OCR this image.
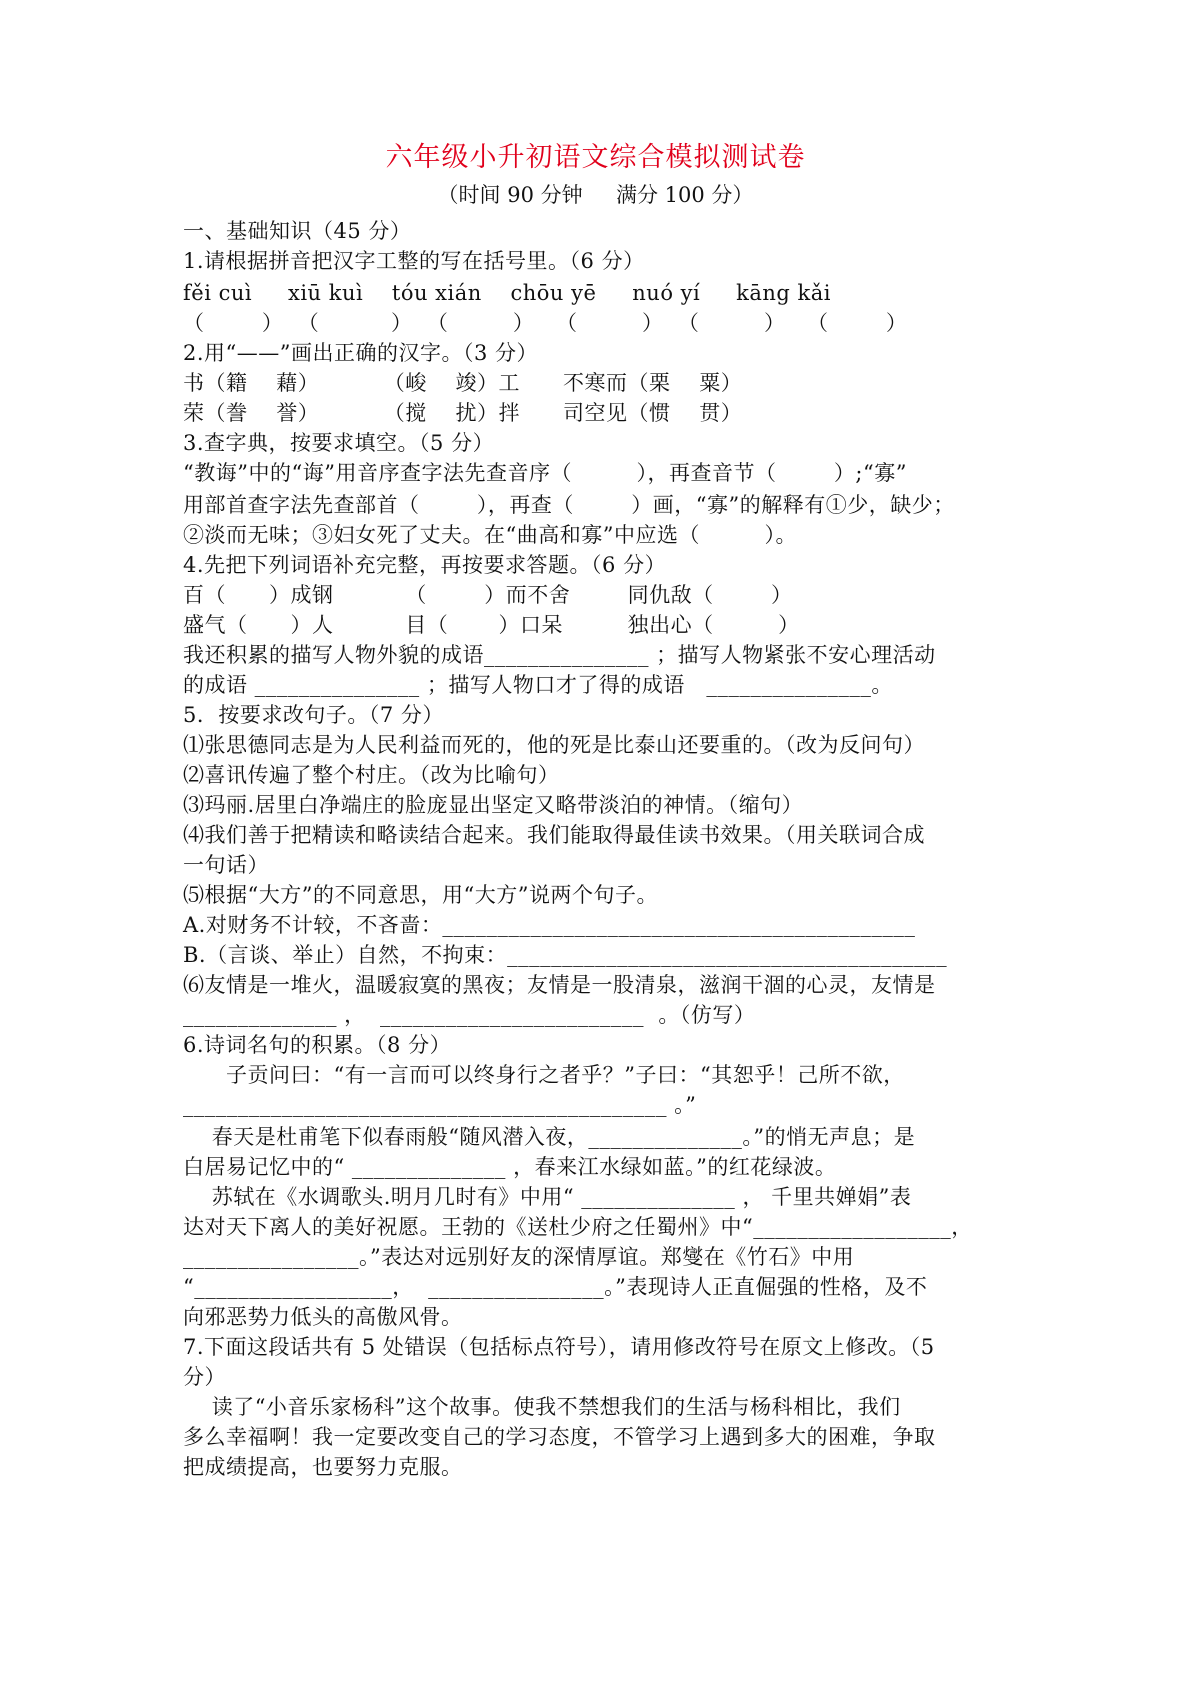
六年级小升初语文综合模拟测试卷
（时间 90 分钟     满分 100 分）
一、基础知识（45 分）
1.请根据拼音把汉字工整的写在括号里。（6 分）
fěi cuì     xiū kuì    tóu xián    chōu yē     nuó yí     kāng kǎi
（        ）  （          ）  （         ）   （         ）  （         ）   （        ）
2.用“——”画出正确的汉字。（3 分）
书（籍    藉）         （峻    竣）工      不寒而（栗    粟）
荣（誊    誉）         （搅    扰）拌      司空见（惯    贯）
3.查字典，按要求填空。（5 分）
“教诲”中的“诲”用音序查字法先查音序（         ），再查音节（        ）;“寡”
用部首查字法先查部首（        ），再查（        ）画，“寡”的解释有①少，缺少；
②淡而无味；③妇女死了丈夫。在“曲高和寡”中应选（         ）。
4.先把下列词语补充完整，再按要求答题。（6 分）
百（      ）成钢          （        ）而不舍        同仇敌（        ）
盛气（      ）人          目（       ）口呆         独出心（         ）
我还积累的描写人物外貌的成语_______________ ；描写人物紧张不安心理活动
的成语 _______________ ；描写人物口才了得的成语   _______________。
5．按要求改句子。（7 分）
⑴张思德同志是为人民利益而死的，他的死是比泰山还要重的。（改为反问句）
⑵喜讯传遍了整个村庄。（改为比喻句）
⑶玛丽.居里白净端庄的脸庞显出坚定又略带淡泊的神情。（缩句）
⑷我们善于把精读和略读结合起来。我们能取得最佳读书效果。（用关联词合成
一句话）
⑸根据“大方”的不同意思，用“大方”说两个句子。
A.对财务不计较，不吝啬：___________________________________________
B.（言谈、举止）自然，不拘束：________________________________________
⑹友情是一堆火，温暖寂寞的黑夜；友情是一股清泉，滋润干涸的心灵，友情是
______________ ，  ________________________  。（仿写）
6.诗词名句的积累。（8 分）
子贡问曰：“有一言而可以终身行之者乎？”子曰：“其恕乎！己所不欲，
____________________________________________ 。”
春天是杜甫笔下似春雨般“随风潜入夜，______________。”的悄无声息；是
白居易记忆中的“ ______________ ，春来江水绿如蓝。”的红花绿波。
苏轼在《水调歌头.明月几时有》中用“ ______________ ， 千里共婵娟”表
达对天下离人的美好祝愿。王勃的《送杜少府之任蜀州》中“__________________，
________________。”表达对远别好友的深情厚谊。郑燮在《竹石》中用
“__________________，  ________________。”表现诗人正直倔强的性格，及不
向邪恶势力低头的高傲风骨。
7.下面这段话共有 5 处错误（包括标点符号），请用修改符号在原文上修改。（5
分）
读了“小音乐家杨科”这个故事。使我不禁想我们的生活与杨科相比，我们
多么幸福啊！我一定要改变自己的学习态度，不管学习上遇到多大的困难，争取
把成绩提高，也要努力克服。
